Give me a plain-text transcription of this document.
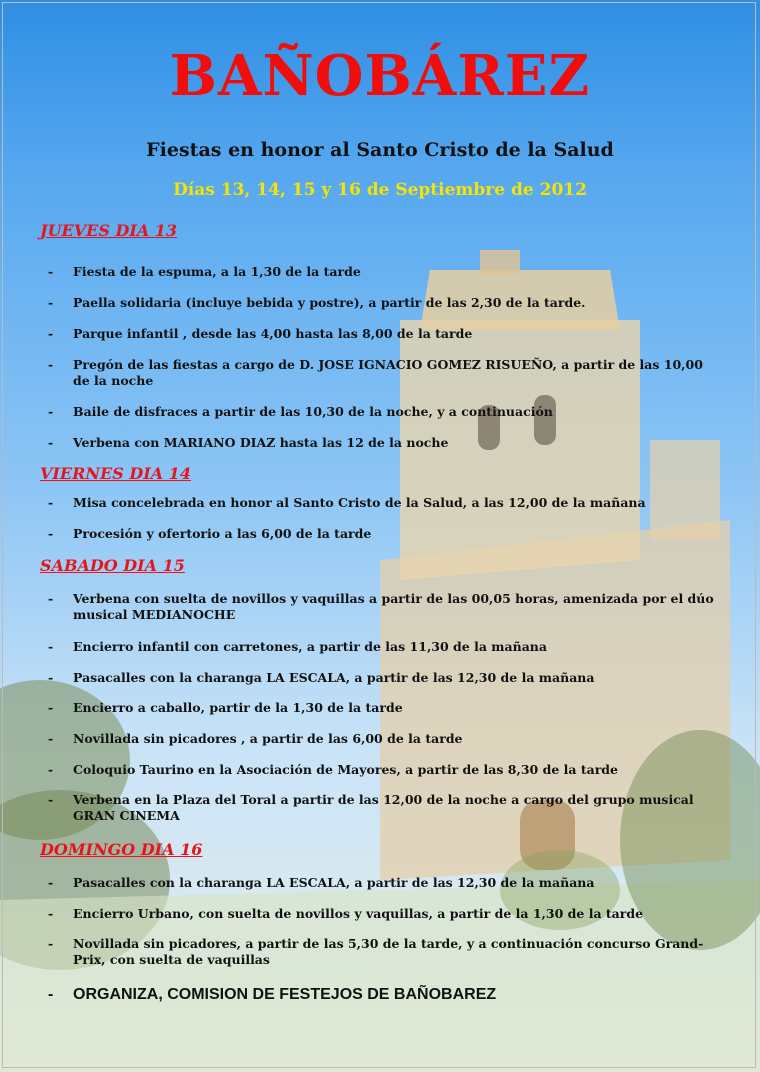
BAÑOBÁREZ
Fiestas en honor al Santo Cristo de la Salud
Días 13, 14, 15 y 16 de Septiembre de 2012
JUEVES DIA 13
-	Fiesta de la espuma, a la 1,30 de la tarde
-	Paella solidaria (incluye bebida y postre), a partir de las 2,30 de la tarde.
-	Parque infantil , desde las 4,00 hasta las 8,00 de la tarde
-	Pregón de las fiestas a cargo de D. JOSE IGNACIO GOMEZ RISUEÑO, a partir de las 10,00 de la noche
-	Baile de disfraces a partir de las 10,30 de la noche, y a continuación
-	Verbena con MARIANO DIAZ hasta las 12 de la noche
VIERNES DIA 14
-	Misa concelebrada en honor al Santo Cristo de la Salud, a las 12,00 de la mañana
-	Procesión y ofertorio a las 6,00 de la tarde
SABADO DIA 15
-	Verbena con suelta de novillos y vaquillas a partir de las 00,05 horas, amenizada por el dúo musical MEDIANOCHE
-	Encierro infantil con carretones, a partir de las 11,30 de la mañana
-	Pasacalles con la charanga LA ESCALA, a partir de las 12,30 de la mañana
-	Encierro a caballo, partir de la 1,30 de la tarde
-	Novillada sin picadores , a partir de las 6,00 de la tarde
-	Coloquio Taurino en la Asociación de Mayores, a partir de las 8,30 de la tarde
-	Verbena en la Plaza del Toral a partir de las 12,00 de la noche a cargo del grupo musical GRAN CINEMA
DOMINGO DIA 16
-	Pasacalles con la charanga LA ESCALA, a partir de las 12,30 de la mañana
-	Encierro Urbano, con suelta de novillos y vaquillas, a partir de la 1,30 de la tarde
-	Novillada sin picadores, a partir de las 5,30 de la tarde, y a continuación concurso Grand-Prix, con suelta de vaquillas
-	ORGANIZA, COMISION DE FESTEJOS DE BAÑOBAREZ
